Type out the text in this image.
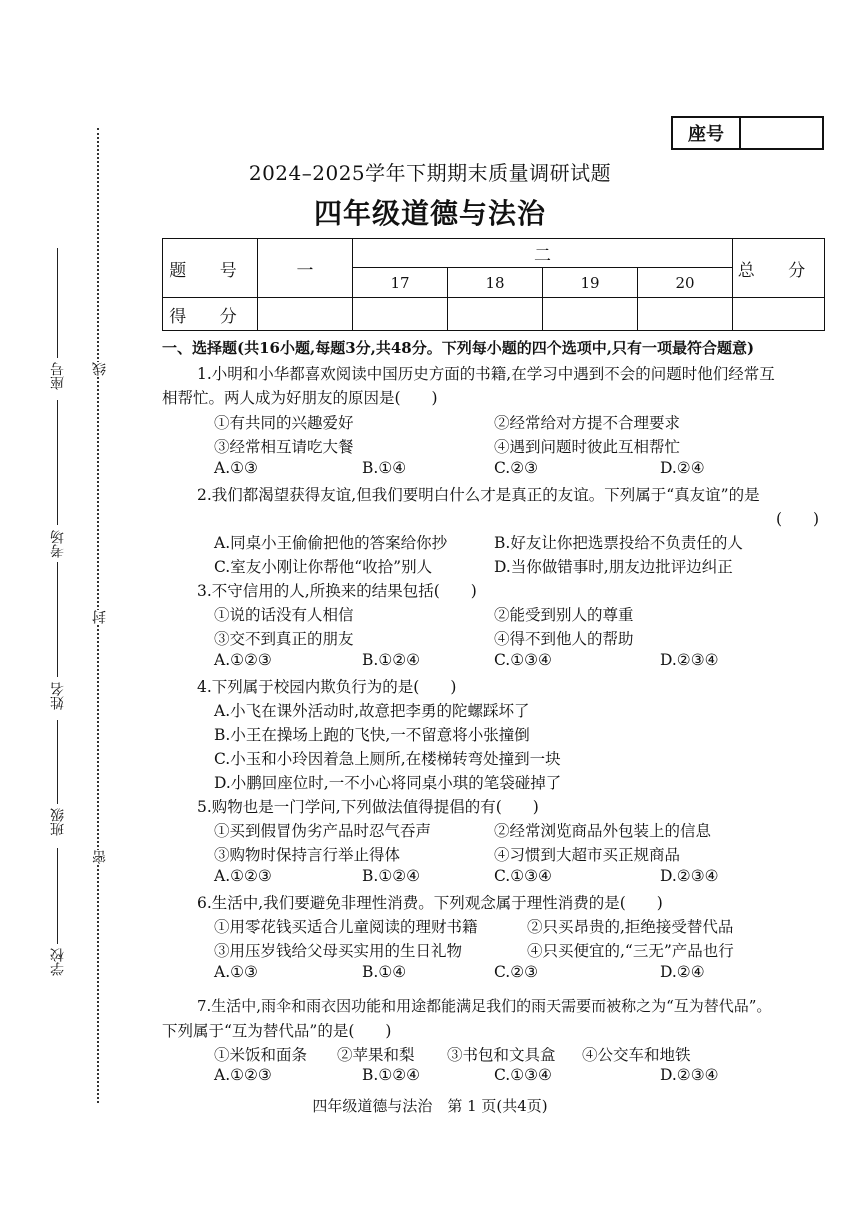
座号
2024–2025学年下期期末质量调研试题
四年级道德与法治
题 号	一	二				总 分
		17	18	19	20	
得 分						
座号
考场
姓名
班级
学校
线
封
密
一、选择题(共16小题,每题3分,共48分。下列每小题的四个选项中,只有一项最符合题意)
1.小明和小华都喜欢阅读中国历史方面的书籍,在学习中遇到不会的问题时他们经常互
相帮忙。两人成为好朋友的原因是(　　)
①有共同的兴趣爱好	②经常给对方提不合理要求
③经常相互请吃大餐	④遇到问题时彼此互相帮忙
A.①③	B.①④	C.②③	D.②④
2.我们都渴望获得友谊,但我们要明白什么才是真正的友谊。下列属于“真友谊”的是
(　　)
A.同桌小王偷偷把他的答案给你抄	B.好友让你把选票投给不负责任的人
C.室友小刚让你帮他“收拾”别人	D.当你做错事时,朋友边批评边纠正
3.不守信用的人,所换来的结果包括(　　)
①说的话没有人相信	②能受到别人的尊重
③交不到真正的朋友	④得不到他人的帮助
A.①②③	B.①②④	C.①③④	D.②③④
4.下列属于校园内欺负行为的是(　　)
A.小飞在课外活动时,故意把李勇的陀螺踩坏了
B.小王在操场上跑的飞快,一不留意将小张撞倒
C.小玉和小玲因着急上厕所,在楼梯转弯处撞到一块
D.小鹏回座位时,一不小心将同桌小琪的笔袋碰掉了
5.购物也是一门学问,下列做法值得提倡的有(　　)
①买到假冒伪劣产品时忍气吞声	②经常浏览商品外包装上的信息
③购物时保持言行举止得体	④习惯到大超市买正规商品
A.①②③	B.①②④	C.①③④	D.②③④
6.生活中,我们要避免非理性消费。下列观念属于理性消费的是(　　)
①用零花钱买适合儿童阅读的理财书籍	②只买昂贵的,拒绝接受替代品
③用压岁钱给父母买实用的生日礼物	④只买便宜的,“三无”产品也行
A.①③	B.①④	C.②③	D.②④
7.生活中,雨伞和雨衣因功能和用途都能满足我们的雨天需要而被称之为“互为替代品”。
下列属于“互为替代品”的是(　　)
①米饭和面条 ②苹果和梨 ③书包和文具盒 ④公交车和地铁
A.①②③	B.①②④	C.①③④	D.②③④
四年级道德与法治　第 1 页(共4页)
